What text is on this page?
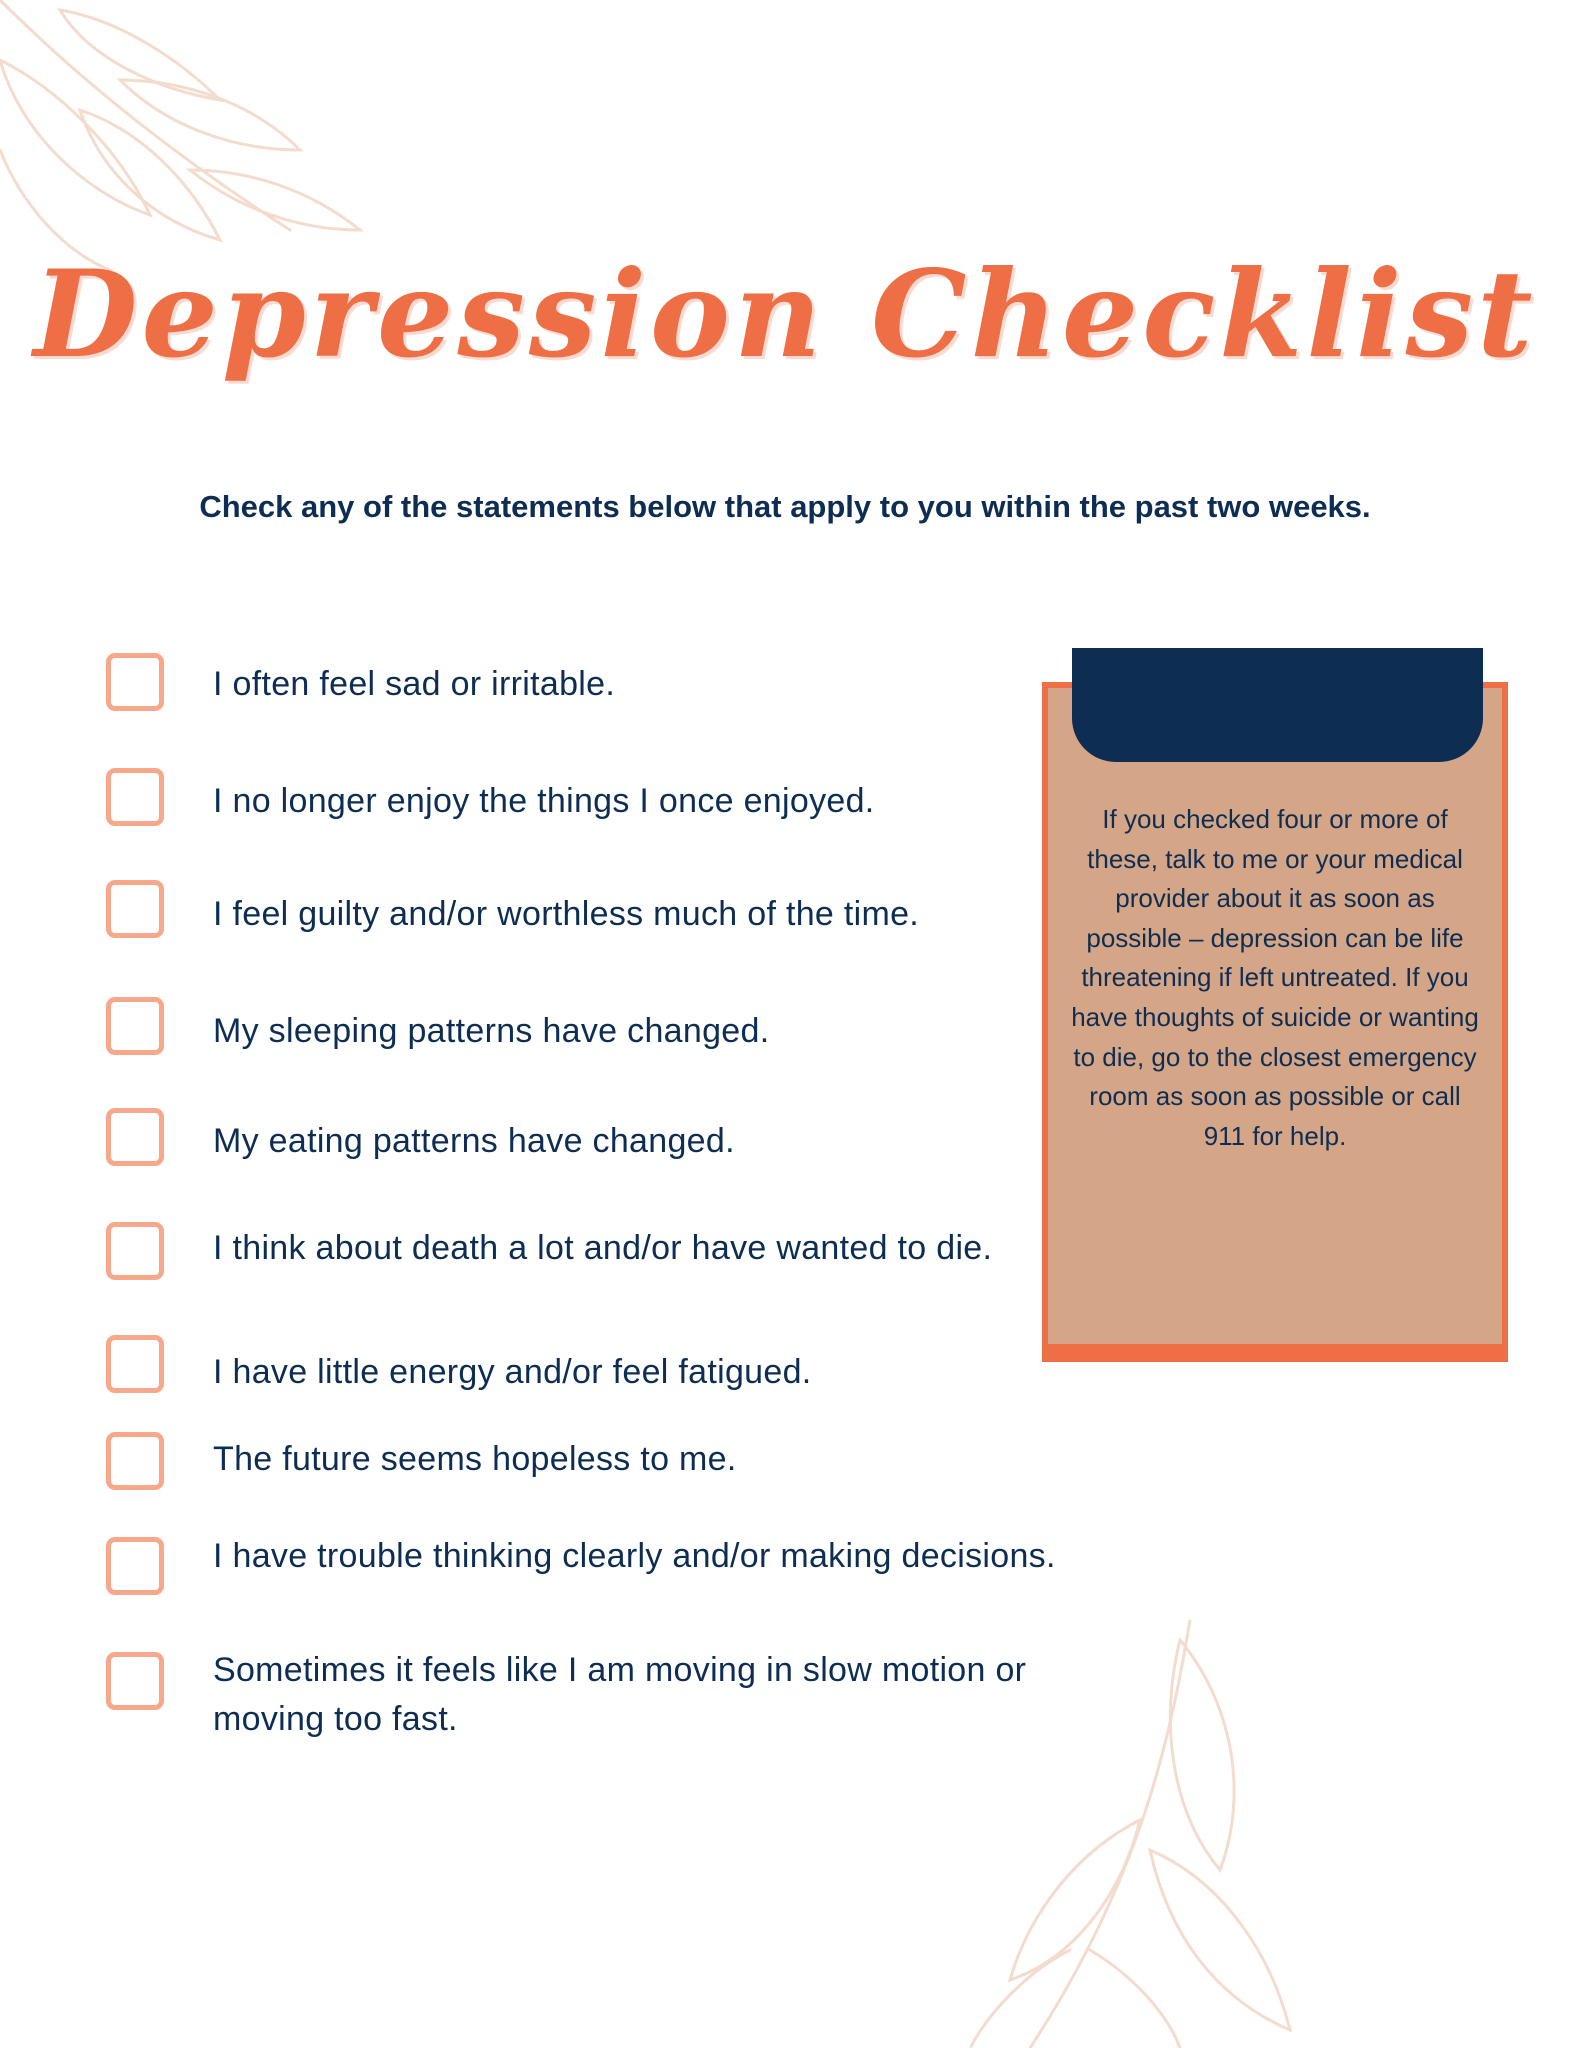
Depression Checklist

Check any of the statements below that apply to you within the past two weeks.

I often feel sad or irritable.
I no longer enjoy the things I once enjoyed.
I feel guilty and/or worthless much of the time.
My sleeping patterns have changed.
My eating patterns have changed.
I think about death a lot and/or have wanted to die.
I have little energy and/or feel fatigued.
The future seems hopeless to me.
I have trouble thinking clearly and/or making decisions.
Sometimes it feels like I am moving in slow motion or moving too fast.

If you checked four or more of these, talk to me or your medical provider about it as soon as possible – depression can be life threatening if left untreated. If you have thoughts of suicide or wanting to die, go to the closest emergency room as soon as possible or call 911 for help.
